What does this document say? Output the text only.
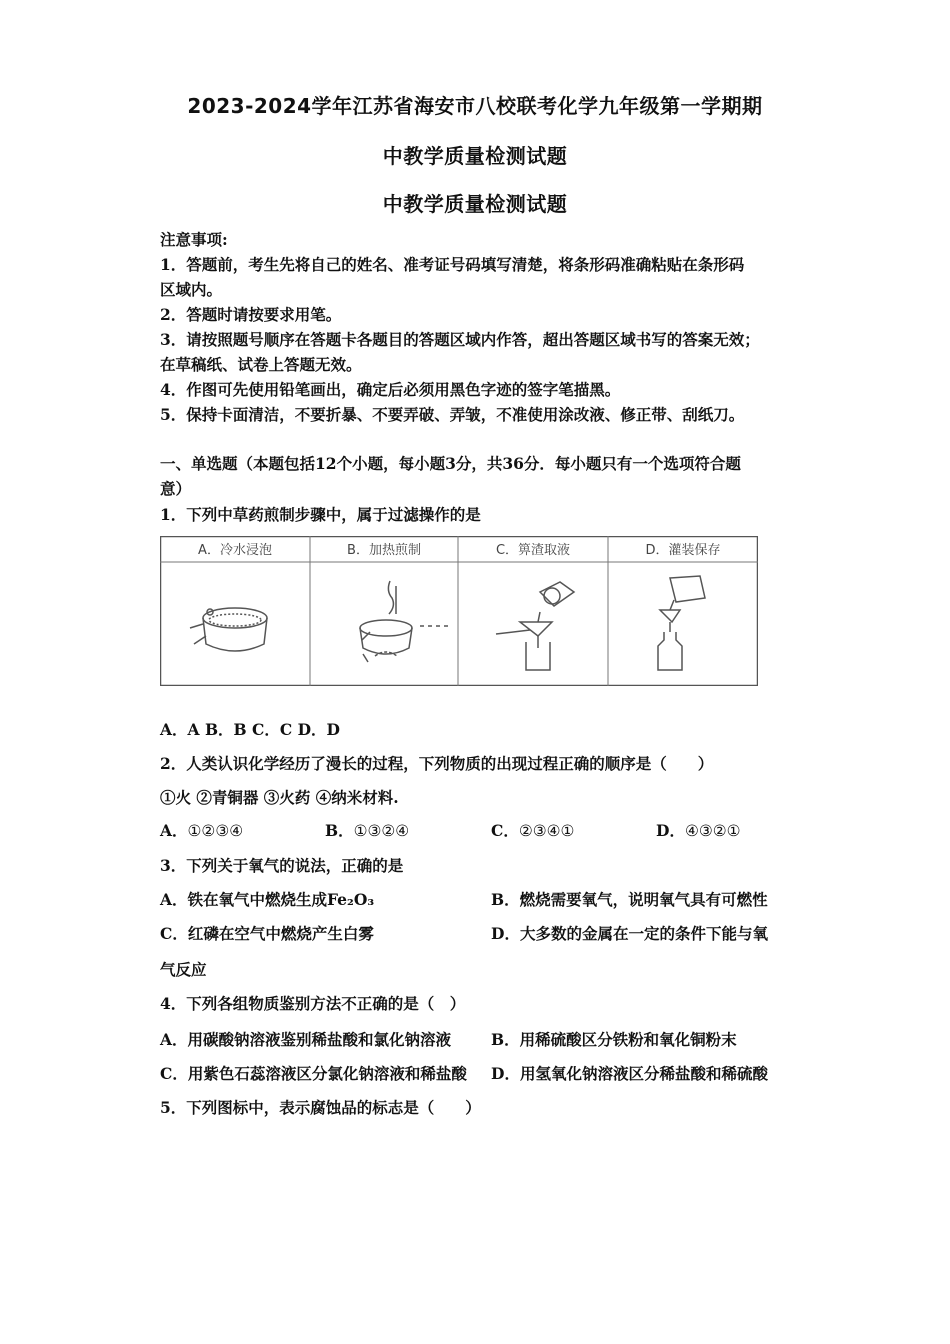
2023-2024学年江苏省海安市八校联考化学九年级第一学期期
中教学质量检测试题
中教学质量检测试题
注意事项:
1．答题前，考生先将自己的姓名、准考证号码填写清楚，将条形码准确粘贴在条形码
区域内。
2．答题时请按要求用笔。
3．请按照题号顺序在答题卡各题目的答题区域内作答，超出答题区域书写的答案无效；
在草稿纸、试卷上答题无效。
4．作图可先使用铅笔画出，确定后必须用黑色字迹的签字笔描黑。
5．保持卡面清洁，不要折暴、不要弄破、弄皱，不准使用涂改液、修正带、刮纸刀。
一、单选题（本题包括12个小题，每小题3分，共36分．每小题只有一个选项符合题
意）
1．下列中草药煎制步骤中，属于过滤操作的是
A．冷水浸泡	B．加热煎制	C．箅渣取液	D．灌装保存
A．A B．B C．C D．D
2．人类认识化学经历了漫长的过程，下列物质的出现过程正确的顺序是（　　）
①火 ②青铜器 ③火药 ④纳米材料.
A．①②③④	B．①③②④	C．②③④①	D．④③②①
3．下列关于氧气的说法，正确的是
A．铁在氧气中燃烧生成Fe₂O₃	B．燃烧需要氧气，说明氧气具有可燃性
C．红磷在空气中燃烧产生白雾	D．大多数的金属在一定的条件下能与氧
气反应
4．下列各组物质鉴别方法不正确的是（　）
A．用碳酸钠溶液鉴别稀盐酸和氯化钠溶液	B．用稀硫酸区分铁粉和氧化铜粉末
C．用紫色石蕊溶液区分氯化钠溶液和稀盐酸 D．用氢氧化钠溶液区分稀盐酸和稀硫酸
5．下列图标中，表示腐蚀品的标志是（　　）
